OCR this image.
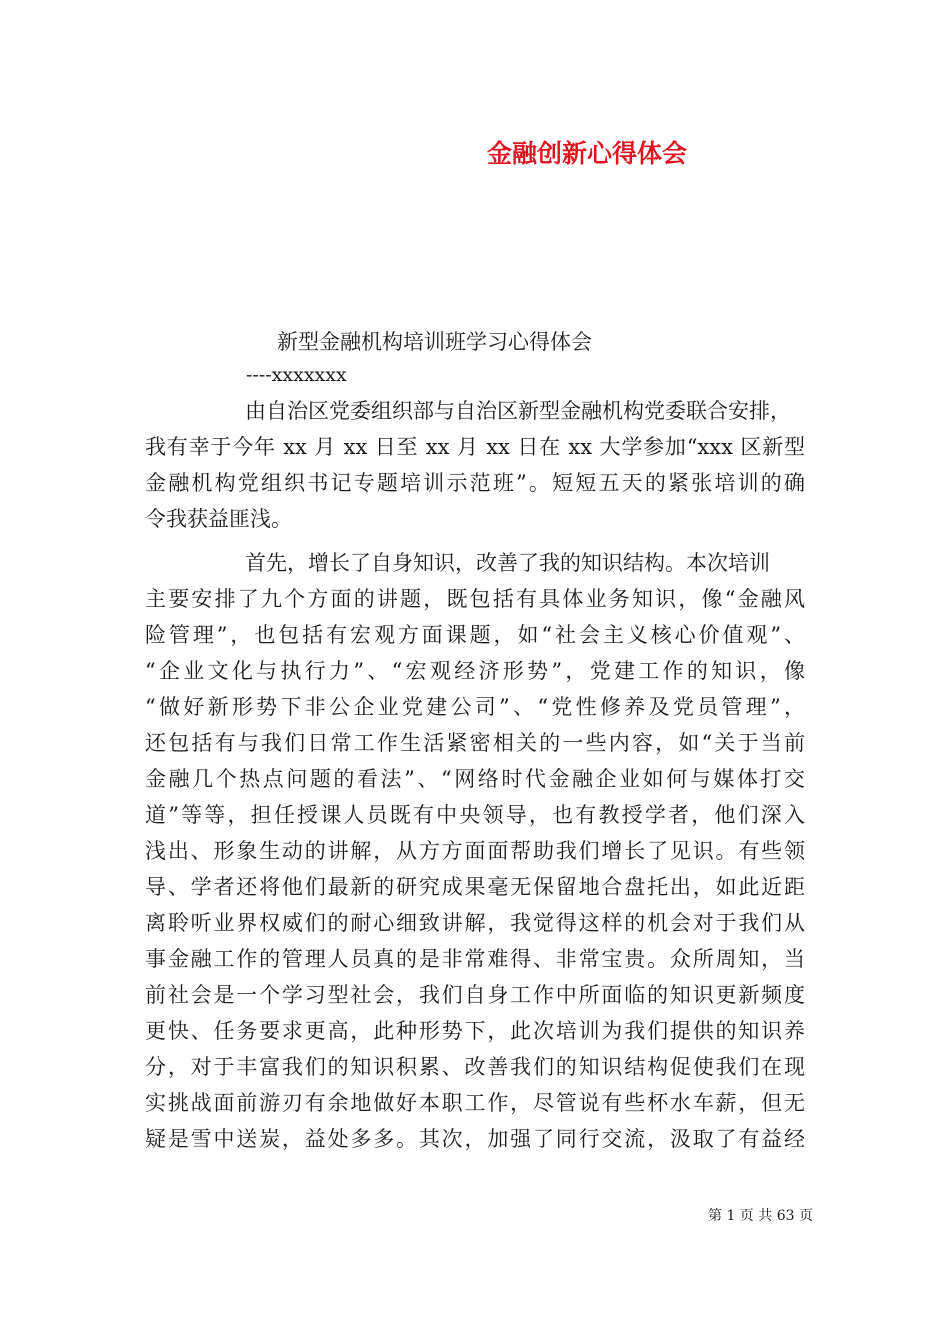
金融创新心得体会
新型金融机构培训班学习心得体会
----xxxxxxx
由自治区党委组织部与自治区新型金融机构党委联合安排，
我有幸于今年 xx 月 xx 日至 xx 月 xx 日在 xx 大学参加“xxx 区新型
金融机构党组织书记专题培训示范班”。短短五天的紧张培训的确
令我获益匪浅。
首先，增长了自身知识，改善了我的知识结构。本次培训
主要安排了九个方面的讲题，既包括有具体业务知识，像“金融风
险管理”，也包括有宏观方面课题，如“社会主义核心价值观”、
“企业文化与执行力”、“宏观经济形势”，党建工作的知识，像
“做好新形势下非公企业党建公司”、“党性修养及党员管理”，
还包括有与我们日常工作生活紧密相关的一些内容，如“关于当前
金融几个热点问题的看法”、“网络时代金融企业如何与媒体打交
道”等等，担任授课人员既有中央领导，也有教授学者，他们深入
浅出、形象生动的讲解，从方方面面帮助我们增长了见识。有些领
导、学者还将他们最新的研究成果毫无保留地合盘托出，如此近距
离聆听业界权威们的耐心细致讲解，我觉得这样的机会对于我们从
事金融工作的管理人员真的是非常难得、非常宝贵。众所周知，当
前社会是一个学习型社会，我们自身工作中所面临的知识更新频度
更快、任务要求更高，此种形势下，此次培训为我们提供的知识养
分，对于丰富我们的知识积累、改善我们的知识结构促使我们在现
实挑战面前游刃有余地做好本职工作，尽管说有些杯水车薪，但无
疑是雪中送炭，益处多多。其次，加强了同行交流，汲取了有益经
第 1 页 共 63 页
